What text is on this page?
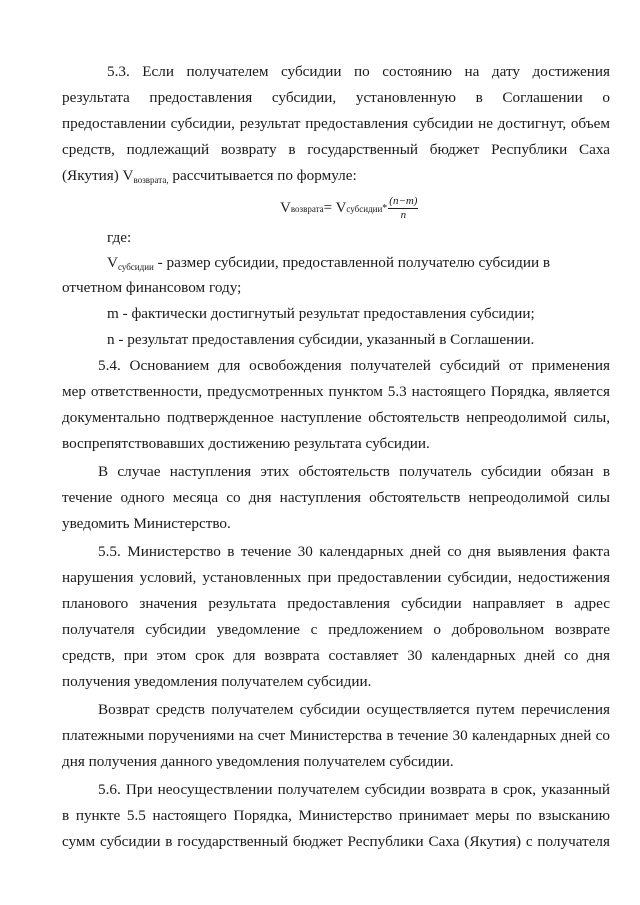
5.3. Если получателем субсидии по состоянию на дату достижения
результата предоставления субсидии, установленную в Соглашении о
предоставлении субсидии, результат предоставления субсидии не достигнут, объем
средств, подлежащий возврату в государственный бюджет Республики Саха
(Якутия) $V_{возврата,}$ рассчитывается по формуле:
V возврата = V субсидии * $\frac{(n-m)}{n}$
где:
$V_{субсидии}$ - размер субсидии, предоставленной получателю субсидии в
отчетном финансовом году;
m - фактически достигнутый результат предоставления субсидии;
n - результат предоставления субсидии, указанный в Соглашении.
5.4. Основанием для освобождения получателей субсидий от применения
мер ответственности, предусмотренных пунктом 5.3 настоящего Порядка, является
документально подтвержденное наступление обстоятельств непреодолимой силы,
воспрепятствовавших достижению результата субсидии.
В случае наступления этих обстоятельств получатель субсидии обязан в
течение одного месяца со дня наступления обстоятельств непреодолимой силы
уведомить Министерство.
5.5. Министерство в течение 30 календарных дней со дня выявления факта
нарушения условий, установленных при предоставлении субсидии, недостижения
планового значения результата предоставления субсидии направляет в адрес
получателя субсидии уведомление с предложением о добровольном возврате
средств, при этом срок для возврата составляет 30 календарных дней со дня
получения уведомления получателем субсидии.
Возврат средств получателем субсидии осуществляется путем перечисления
платежными поручениями на счет Министерства в течение 30 календарных дней со
дня получения данного уведомления получателем субсидии.
5.6. При неосуществлении получателем субсидии возврата в срок, указанный
в пункте 5.5 настоящего Порядка, Министерство принимает меры по взысканию
сумм субсидии в государственный бюджет Республики Саха (Якутия) с получателя
